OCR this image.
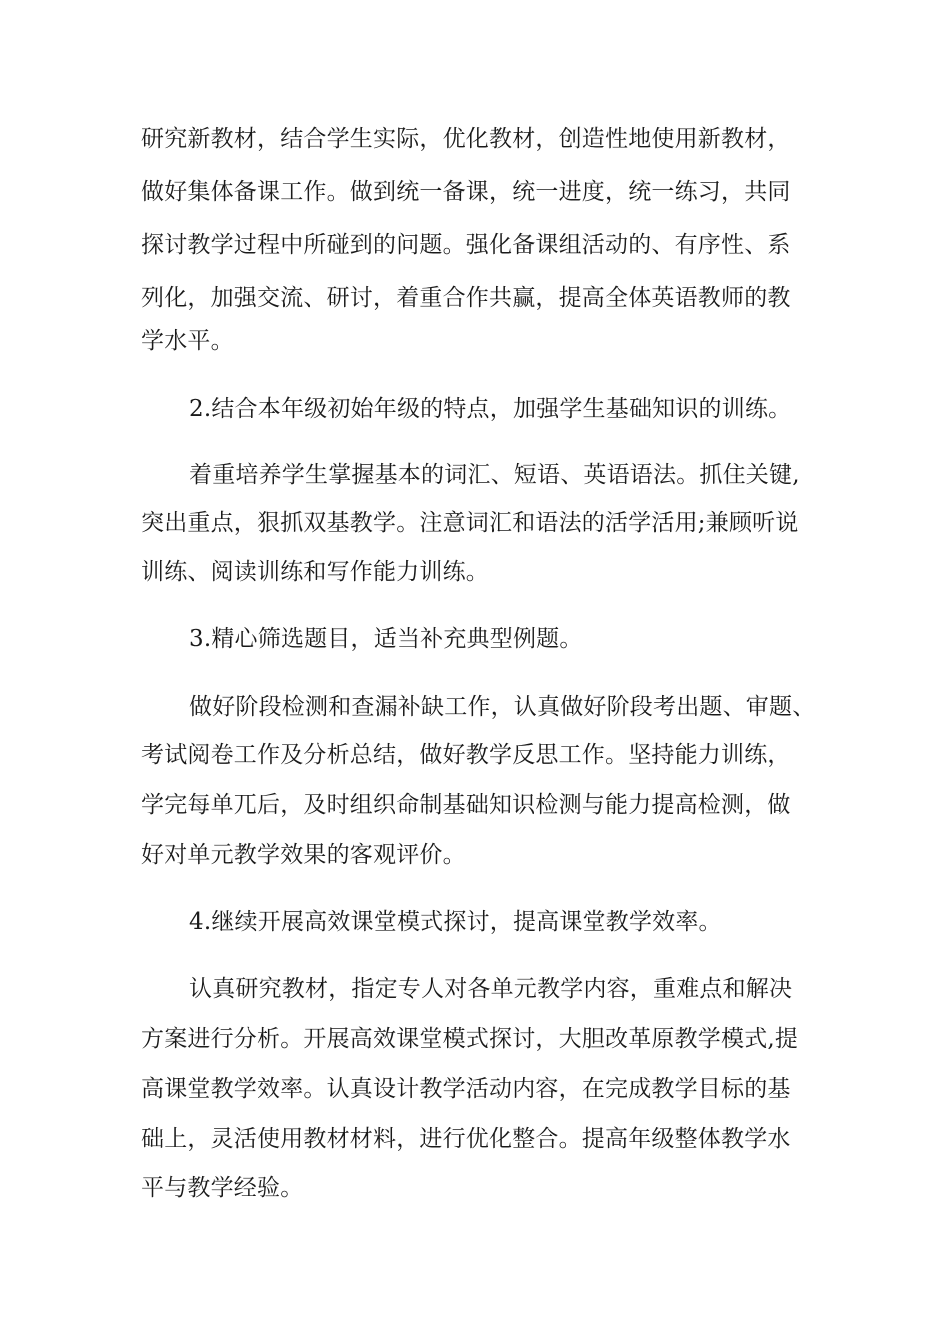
研究新教材，结合学生实际，优化教材，创造性地使用新教材，
做好集体备课工作。做到统一备课，统一进度，统一练习，共同
探讨教学过程中所碰到的问题。强化备课组活动的、有序性、系
列化，加强交流、研讨，着重合作共赢，提高全体英语教师的教
学水平。
2.结合本年级初始年级的特点，加强学生基础知识的训练。
着重培养学生掌握基本的词汇、短语、英语语法。抓住关键,
突出重点，狠抓双基教学。注意词汇和语法的活学活用;兼顾听说
训练、阅读训练和写作能力训练。
3.精心筛选题目，适当补充典型例题。
做好阶段检测和查漏补缺工作，认真做好阶段考出题、审题、
考试阅卷工作及分析总结，做好教学反思工作。坚持能力训练，
学完每单兀后，及时组织命制基础知识检测与能力提高检测，做
好对单元教学效果的客观评价。
4.继续开展高效课堂模式探讨，提高课堂教学效率。
认真研究教材，指定专人对各单元教学内容，重难点和解决
方案进行分析。开展高效课堂模式探讨，大胆改革原教学模式,提
高课堂教学效率。认真设计教学活动内容，在完成教学目标的基
础上，灵活使用教材材料，进行优化整合。提高年级整体教学水
平与教学经验。
